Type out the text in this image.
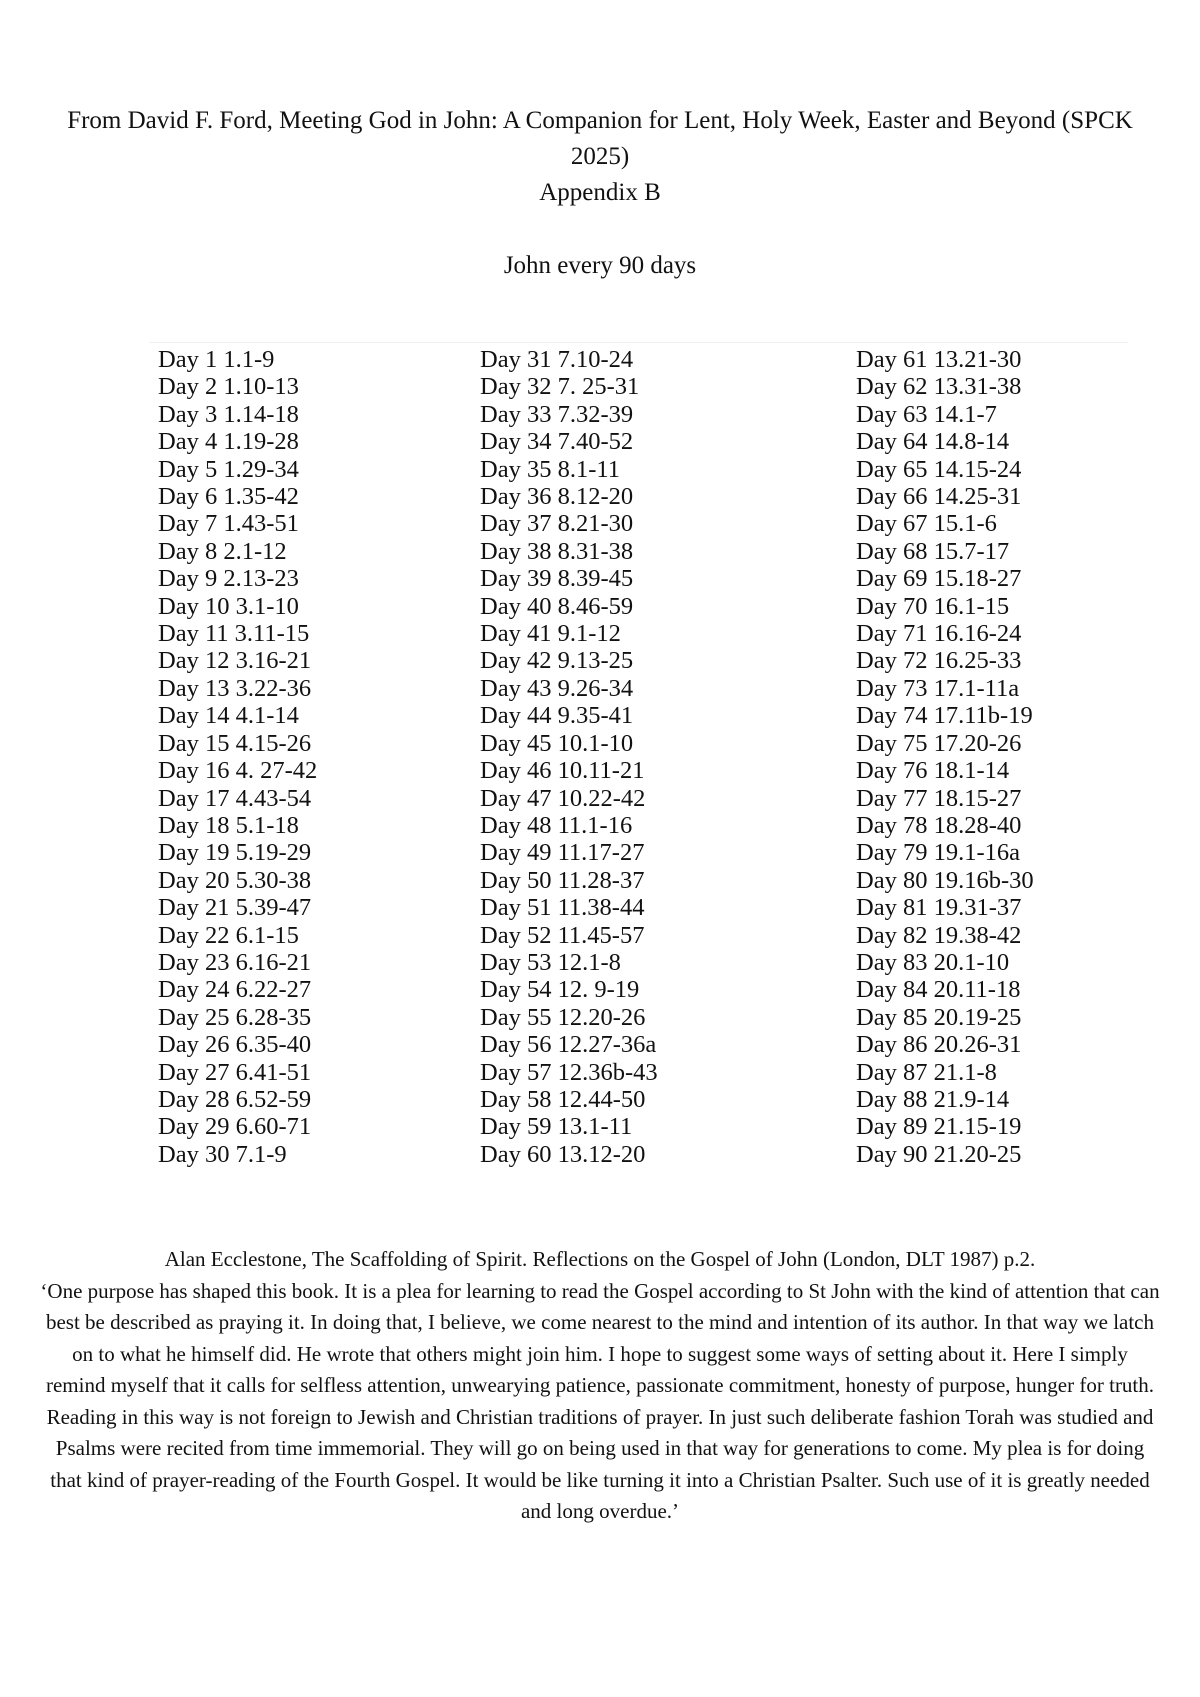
From David F. Ford, Meeting God in John: A Companion for Lent, Holy Week, Easter and Beyond (SPCK 2025)
Appendix B
John every 90 days
Day 1 1.1-9
Day 2 1.10-13
Day 3 1.14-18
Day 4 1.19-28
Day 5 1.29-34
Day 6 1.35-42
Day 7 1.43-51
Day 8 2.1-12
Day 9 2.13-23
Day 10 3.1-10
Day 11 3.11-15
Day 12 3.16-21
Day 13 3.22-36
Day 14 4.1-14
Day 15 4.15-26
Day 16 4. 27-42
Day 17 4.43-54
Day 18 5.1-18
Day 19 5.19-29
Day 20 5.30-38
Day 21 5.39-47
Day 22 6.1-15
Day 23 6.16-21
Day 24 6.22-27
Day 25 6.28-35
Day 26 6.35-40
Day 27 6.41-51
Day 28 6.52-59
Day 29 6.60-71
Day 30 7.1-9
Day 31 7.10-24
Day 32 7. 25-31
Day 33 7.32-39
Day 34 7.40-52
Day 35 8.1-11
Day 36 8.12-20
Day 37 8.21-30
Day 38 8.31-38
Day 39 8.39-45
Day 40 8.46-59
Day 41 9.1-12
Day 42 9.13-25
Day 43 9.26-34
Day 44 9.35-41
Day 45 10.1-10
Day 46 10.11-21
Day 47 10.22-42
Day 48 11.1-16
Day 49 11.17-27
Day 50 11.28-37
Day 51 11.38-44
Day 52 11.45-57
Day 53 12.1-8
Day 54 12. 9-19
Day 55 12.20-26
Day 56 12.27-36a
Day 57 12.36b-43
Day 58 12.44-50
Day 59 13.1-11
Day 60 13.12-20
Day 61 13.21-30
Day 62 13.31-38
Day 63 14.1-7
Day 64 14.8-14
Day 65 14.15-24
Day 66 14.25-31
Day 67 15.1-6
Day 68 15.7-17
Day 69 15.18-27
Day 70 16.1-15
Day 71 16.16-24
Day 72 16.25-33
Day 73 17.1-11a
Day 74 17.11b-19
Day 75 17.20-26
Day 76 18.1-14
Day 77 18.15-27
Day 78 18.28-40
Day 79 19.1-16a
Day 80 19.16b-30
Day 81 19.31-37
Day 82 19.38-42
Day 83 20.1-10
Day 84 20.11-18
Day 85 20.19-25
Day 86 20.26-31
Day 87 21.1-8
Day 88 21.9-14
Day 89 21.15-19
Day 90 21.20-25

Alan Ecclestone, The Scaffolding of Spirit. Reflections on the Gospel of John (London, DLT 1987) p.2.

‘One purpose has shaped this book. It is a plea for learning to read the Gospel according to St John with the kind of attention that can best be described as praying it. In doing that, I believe, we come nearest to the mind and intention of its author. In that way we latch on to what he himself did. He wrote that others might join him. I hope to suggest some ways of setting about it. Here I simply remind myself that it calls for selfless attention, unwearying patience, passionate commitment, honesty of purpose, hunger for truth. Reading in this way is not foreign to Jewish and Christian traditions of prayer. In just such deliberate fashion Torah was studied and Psalms were recited from time immemorial. They will go on being used in that way for generations to come. My plea is for doing that kind of prayer-reading of the Fourth Gospel. It would be like turning it into a Christian Psalter. Such use of it is greatly needed and long overdue.’
